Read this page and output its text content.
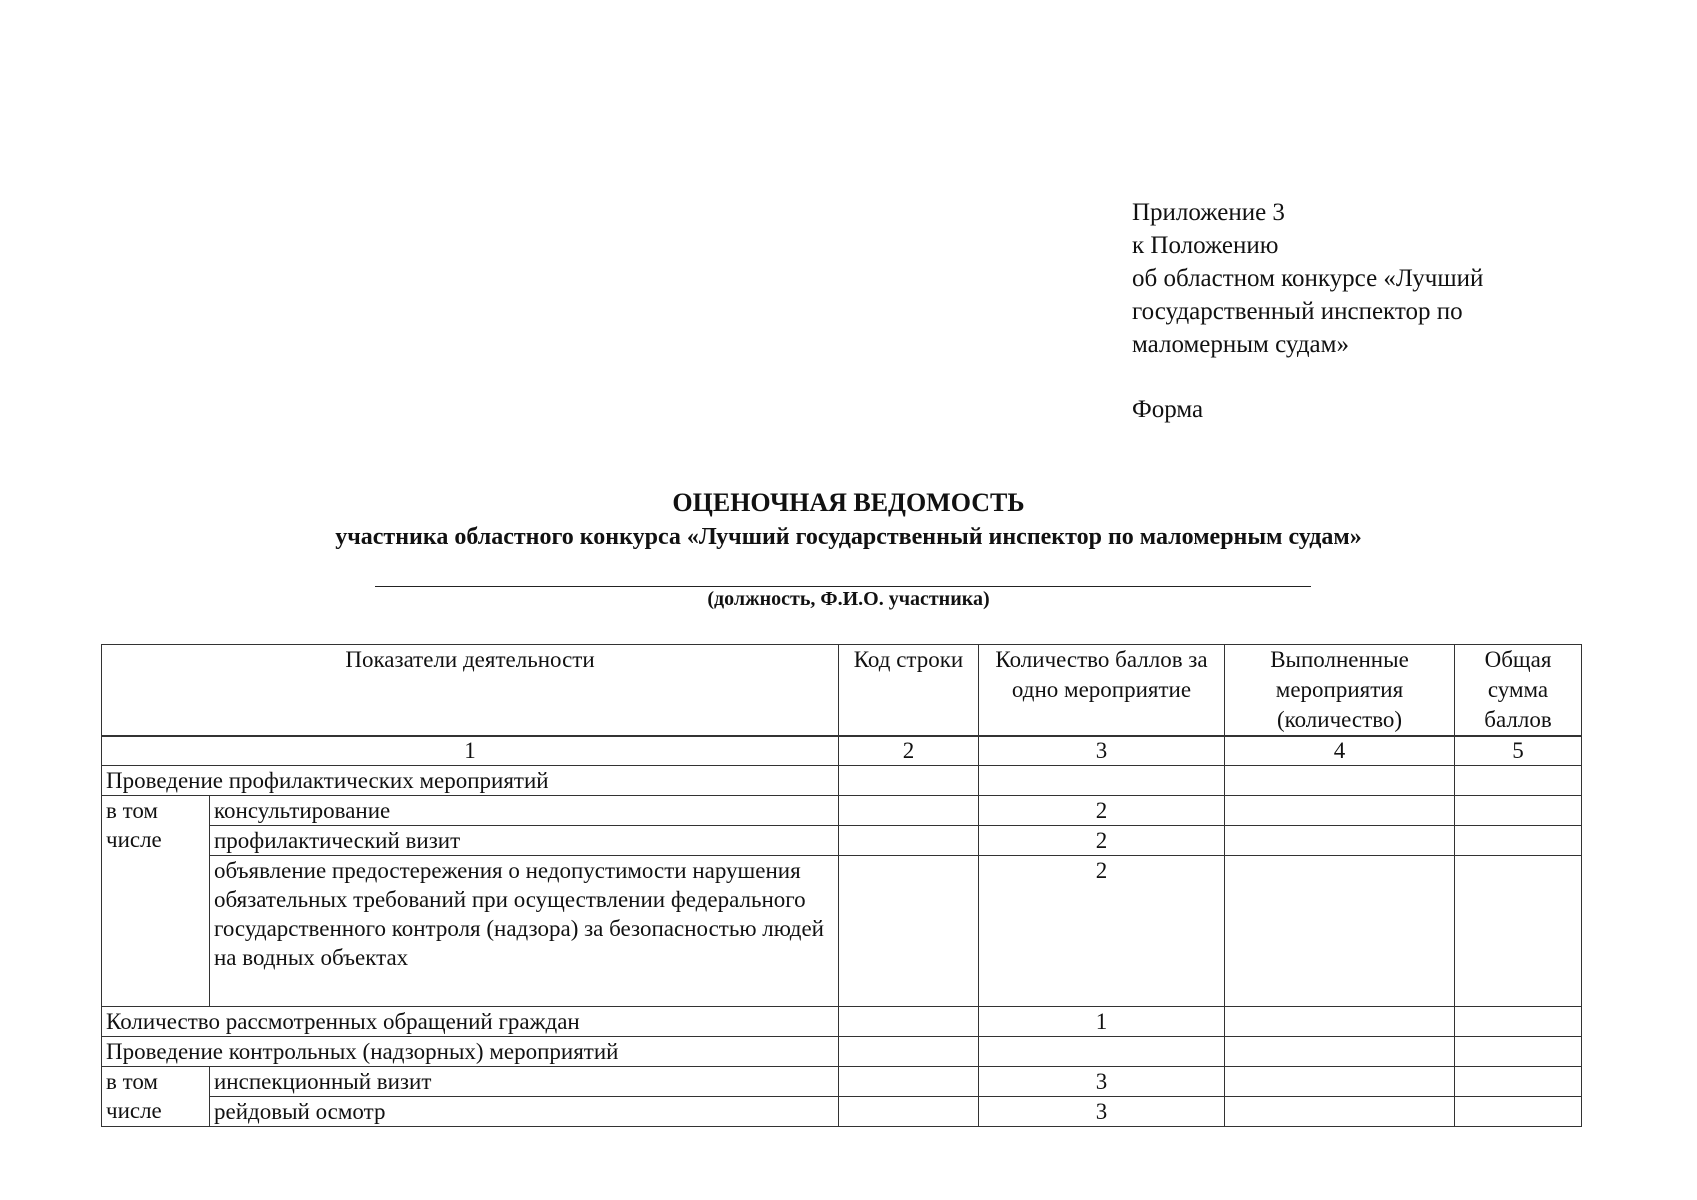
Приложение 3
к Положению
об областном конкурсе «Лучший
государственный инспектор по
маломерным судам»
Форма
ОЦЕНОЧНАЯ ВЕДОМОСТЬ
участника областного конкурса «Лучший государственный инспектор по маломерным судам»
(должность, Ф.И.О. участника)
Показатели деятельности		Код строки	Количество баллов за одно мероприятие	Выполненные мероприятия (количество)	Общая сумма баллов

1		2	3	4	5
Проведение профилактических мероприятий					
в том числе	консультирование		2		
	профилактический визит		2		
	объявление предостережения о недопустимости нарушения обязательных требований при осуществлении федерального государственного контроля (надзора) за безопасностью людей на водных объектах		2		
Количество рассмотренных обращений граждан			1		
Проведение контрольных (надзорных) мероприятий					
в том числе	инспекционный визит		3		
	рейдовый осмотр		3		
